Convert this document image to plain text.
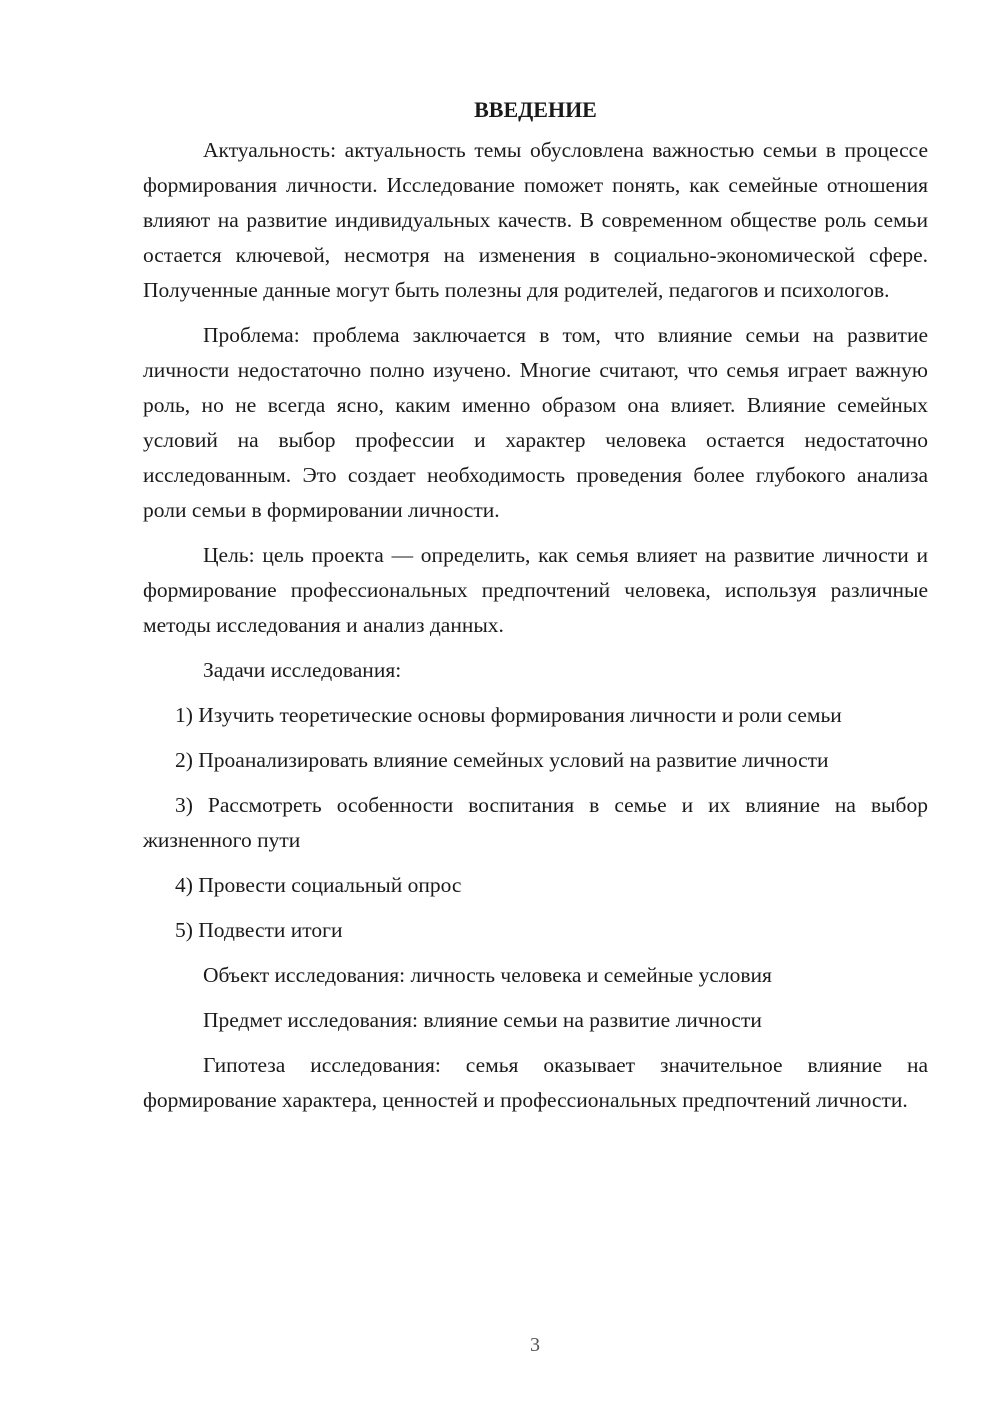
ВВЕДЕНИЕ

Актуальность: актуальность темы обусловлена важностью семьи в процессе формирования личности. Исследование поможет понять, как семейные отношения влияют на развитие индивидуальных качеств. В современном обществе роль семьи остается ключевой, несмотря на изменения в социально-экономической сфере. Полученные данные могут быть полезны для родителей, педагогов и психологов.

Проблема: проблема заключается в том, что влияние семьи на развитие личности недостаточно полно изучено. Многие считают, что семья играет важную роль, но не всегда ясно, каким именно образом она влияет. Влияние семейных условий на выбор профессии и характер человека остается недостаточно исследованным. Это создает необходимость проведения более глубокого анализа роли семьи в формировании личности.

Цель: цель проекта — определить, как семья влияет на развитие личности и формирование профессиональных предпочтений человека, используя различные методы исследования и анализ данных.

Задачи исследования:

1) Изучить теоретические основы формирования личности и роли семьи

2) Проанализировать влияние семейных условий на развитие личности

3) Рассмотреть особенности воспитания в семье и их влияние на выбор жизненного пути

4) Провести социальный опрос

5) Подвести итоги

Объект исследования: личность человека и семейные условия

Предмет исследования: влияние семьи на развитие личности

Гипотеза исследования: семья оказывает значительное влияние на формирование характера, ценностей и профессиональных предпочтений личности.

3
